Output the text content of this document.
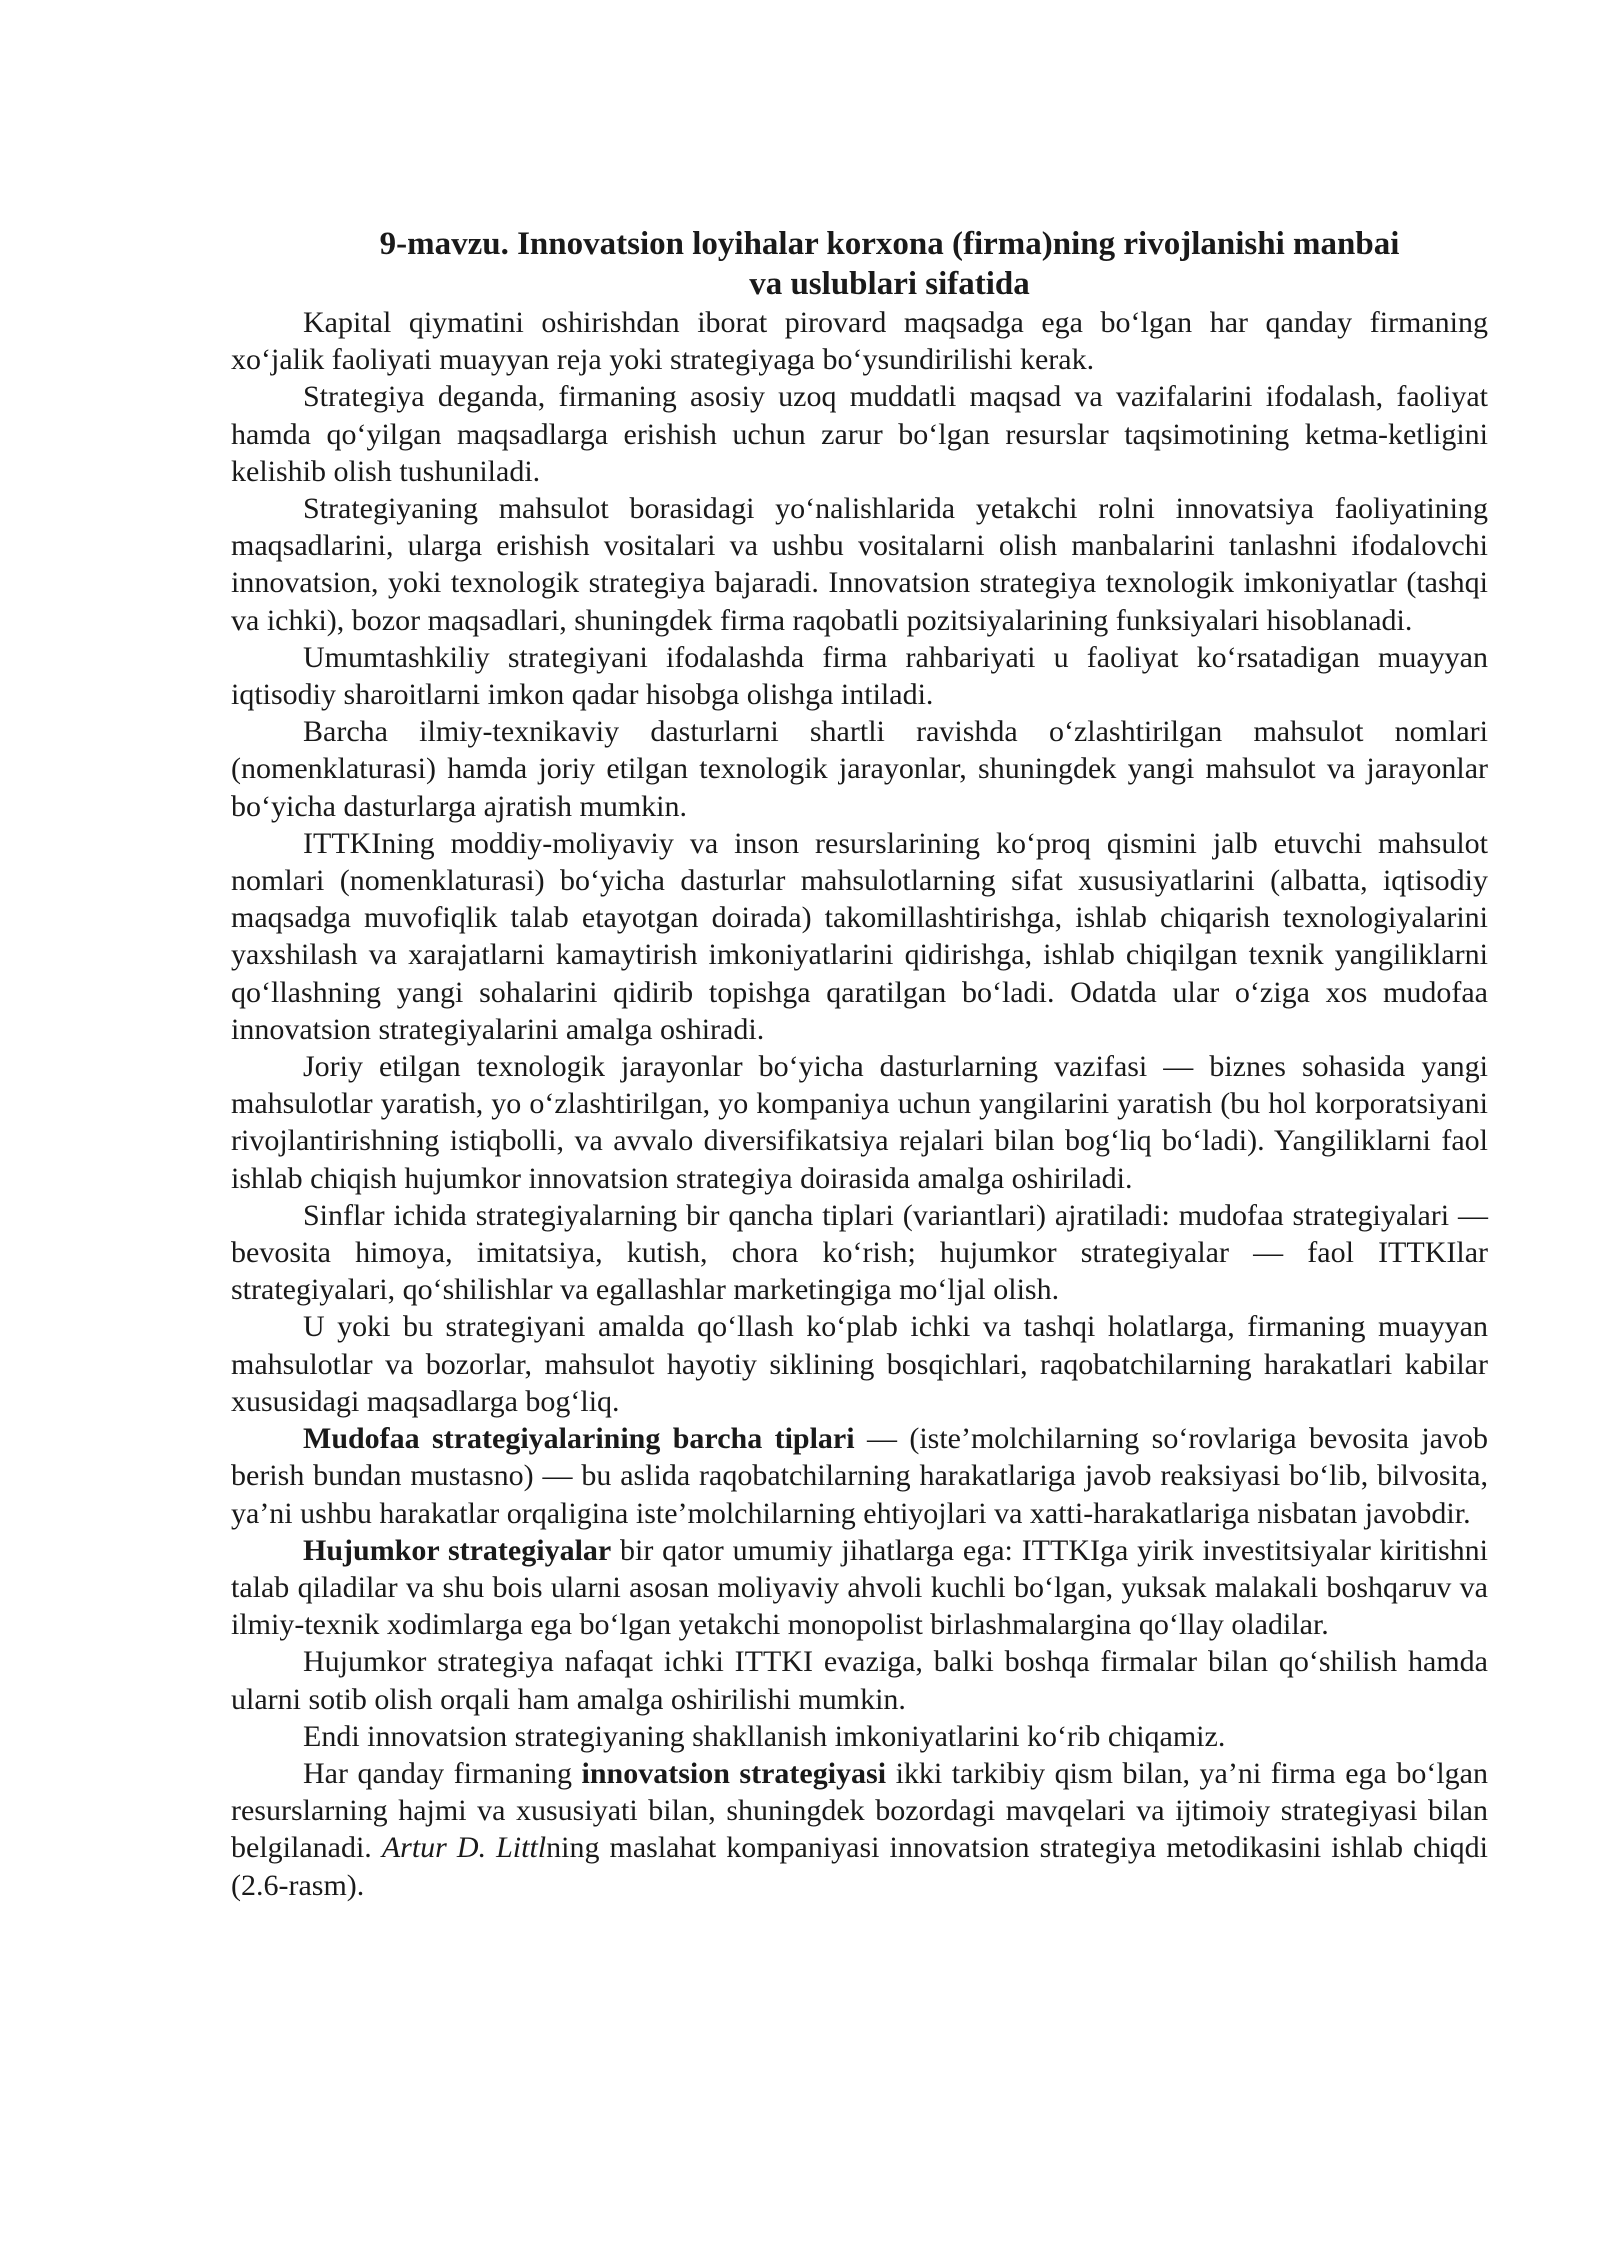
9-mavzu. Innovatsion loyihalar korxona (firma)ning rivojlanishi manbai
va uslublari sifatida

Kapital qiymatini oshirishdan iborat pirovard maqsadga ega bo‘lgan har qanday firmaning xo‘jalik faoliyati muayyan reja yoki strategiyaga bo‘ysundirilishi kerak.

Strategiya deganda, firmaning asosiy uzoq muddatli maqsad va vazifalarini ifodalash, faoliyat hamda qo‘yilgan maqsadlarga erishish uchun zarur bo‘lgan resurslar taqsimotining ketma-ketligini kelishib olish tushuniladi.

Strategiyaning mahsulot borasidagi yo‘nalishlarida yetakchi rolni innovatsiya faoliyatining maqsadlarini, ularga erishish vositalari va ushbu vositalarni olish manbalarini tanlashni ifodalovchi innovatsion, yoki texnologik strategiya bajaradi. Innovatsion strategiya texnologik imkoniyatlar (tashqi va ichki), bozor maqsadlari, shuningdek firma raqobatli pozitsiyalarining funksiyalari hisoblanadi.

Umumtashkiliy strategiyani ifodalashda firma rahbariyati u faoliyat ko‘rsatadigan muayyan iqtisodiy sharoitlarni imkon qadar hisobga olishga intiladi.

Barcha ilmiy-texnikaviy dasturlarni shartli ravishda o‘zlashtirilgan mahsulot nomlari (nomenklaturasi) hamda joriy etilgan texnologik jarayonlar, shuningdek yangi mahsulot va jarayonlar bo‘yicha dasturlarga ajratish mumkin.

ITTKIning moddiy-moliyaviy va inson resurslarining ko‘proq qismini jalb etuvchi mahsulot nomlari (nomenklaturasi) bo‘yicha dasturlar mahsulotlarning sifat xususiyatlarini (albatta, iqtisodiy maqsadga muvofiqlik talab etayotgan doirada) takomillashtirishga, ishlab chiqarish texnologiyalarini yaxshilash va xarajatlarni kamaytirish imkoniyatlarini qidirishga, ishlab chiqilgan texnik yangiliklarni qo‘llashning yangi sohalarini qidirib topishga qaratilgan bo‘ladi. Odatda ular o‘ziga xos mudofaa innovatsion strategiyalarini amalga oshiradi.

Joriy etilgan texnologik jarayonlar bo‘yicha dasturlarning vazifasi — biznes sohasida yangi mahsulotlar yaratish, yo o‘zlashtirilgan, yo kompaniya uchun yangilarini yaratish (bu hol korporatsiyani rivojlantirishning istiqbolli, va avvalo diversifikatsiya rejalari bilan bog‘liq bo‘ladi). Yangiliklarni faol ishlab chiqish hujumkor innovatsion strategiya doirasida amalga oshiriladi.

Sinflar ichida strategiyalarning bir qancha tiplari (variantlari) ajratiladi: mudofaa strategiyalari — bevosita himoya, imitatsiya, kutish, chora ko‘rish; hujumkor strategiyalar — faol ITTKIlar strategiyalari, qo‘shilishlar va egallashlar marketingiga mo‘ljal olish.

U yoki bu strategiyani amalda qo‘llash ko‘plab ichki va tashqi holatlarga, firmaning muayyan mahsulotlar va bozorlar, mahsulot hayotiy siklining bosqichlari, raqobatchilarning harakatlari kabilar xususidagi maqsadlarga bog‘liq.

Mudofaa strategiyalarining barcha tiplari — (iste’molchilarning so‘rovlariga bevosita javob berish bundan mustasno) — bu aslida raqobatchilarning harakatlariga javob reaksiyasi bo‘lib, bilvosita, ya’ni ushbu harakatlar orqaligina iste’molchilarning ehtiyojlari va xatti-harakatlariga nisbatan javobdir.

Hujumkor strategiyalar bir qator umumiy jihatlarga ega: ITTKIga yirik investitsiyalar kiritishni talab qiladilar va shu bois ularni asosan moliyaviy ahvoli kuchli bo‘lgan, yuksak malakali boshqaruv va ilmiy-texnik xodimlarga ega bo‘lgan yetakchi monopolist birlashmalargina qo‘llay oladilar.

Hujumkor strategiya nafaqat ichki ITTKI evaziga, balki boshqa firmalar bilan qo‘shilish hamda ularni sotib olish orqali ham amalga oshirilishi mumkin.

Endi innovatsion strategiyaning shakllanish imkoniyatlarini ko‘rib chiqamiz.

Har qanday firmaning innovatsion strategiyasi ikki tarkibiy qism bilan, ya’ni firma ega bo‘lgan resurslarning hajmi va xususiyati bilan, shuningdek bozordagi mavqelari va ijtimoiy strategiyasi bilan belgilanadi. Artur D. Littlning maslahat kompaniyasi innovatsion strategiya metodikasini ishlab chiqdi (2.6-rasm).
